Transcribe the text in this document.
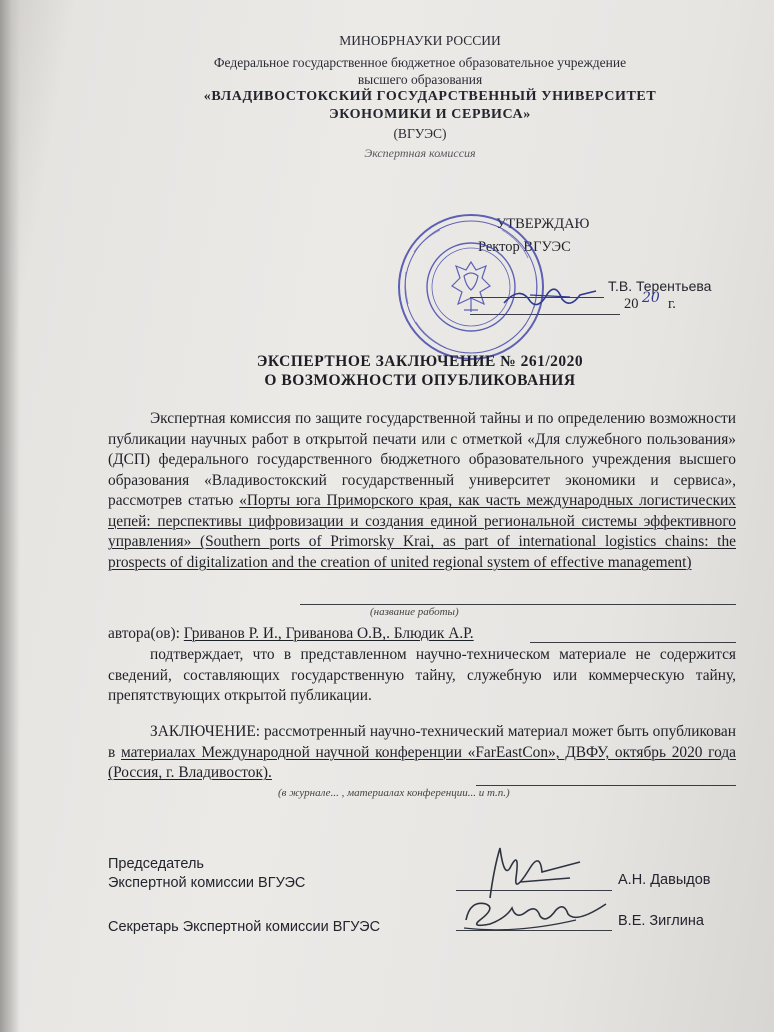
МИНОБРНАУКИ РОССИИ
Федеральное государственное бюджетное образовательное учреждение
высшего образования
«ВЛАДИВОСТОКСКИЙ ГОСУДАРСТВЕННЫЙ УНИВЕРСИТЕТ
ЭКОНОМИКИ И СЕРВИСА»
(ВГУЭС)
Экспертная комиссия
УТВЕРЖДАЮ
Ректор ВГУЭС
Т.В. Терентьева
20 20 г.
ЭКСПЕРТНОЕ ЗАКЛЮЧЕНИЕ № 261/2020
О ВОЗМОЖНОСТИ ОПУБЛИКОВАНИЯ
Экспертная комиссия по защите государственной тайны и по определению возможности публикации научных работ в открытой печати или с отметкой «Для служебного пользования» (ДСП) федерального государственного бюджетного образовательного учреждения высшего образования «Владивостокский государственный университет экономики и сервиса», рассмотрев статью «Порты юга Приморского края, как часть международных логистических цепей: перспективы цифровизации и создания единой региональной системы эффективного управления» (Southern ports of Primorsky Krai, as part of international logistics chains: the prospects of digitalization and the creation of united regional system of effective management)
(название работы)
автора(ов): Гриванов Р. И., Гриванова О.В,. Блюдик А.Р.
подтверждает, что в представленном научно-техническом материале не содержится сведений, составляющих государственную тайну, служебную или коммерческую тайну, препятствующих открытой публикации.
ЗАКЛЮЧЕНИЕ: рассмотренный научно-технический материал может быть опубликован в материалах Международной научной конференции «FarEastCon», ДВФУ, октябрь 2020 года (Россия, г. Владивосток).
(в журнале... , материалах конференции... и т.п.)
Председатель
Экспертной комиссии ВГУЭС	А.Н. Давыдов
Секретарь Экспертной комиссии ВГУЭС	В.Е. Зиглина
